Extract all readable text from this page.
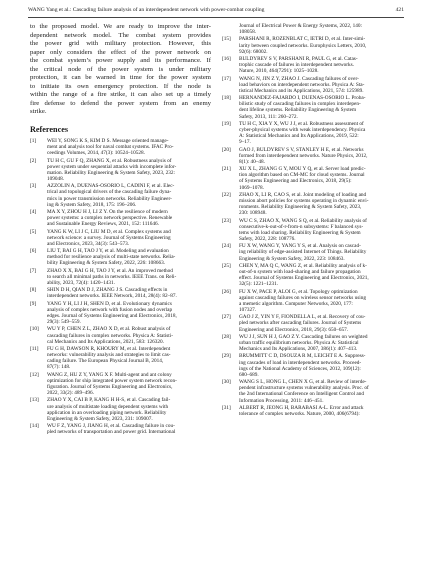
WANG Yang et al.: Cascading failure analysis of an interdependent network with power-combat coupling	421

to the proposed model. We are ready to improve the inter-
dependent network model. The combat system provides
the power grid with military protection. However, this
paper only considers the effect of the power network on
the combat system’s power supply and its performance. If
the critical node of the power system is under military
protection, it can be warned in time for the power system
to initiate its own emergency protection. If the node is
within the range of a fire strike, it can also set up a timely
fire defense to defend the power system from an enemy
strike.

References
[1]	WEI Y, SONG K S, KIM D S. Message oriented manage-
ment and analysis tool for naval combat systems. IFAC Pro-
ceedings Volumes, 2014, 47(3): 10524–10528.
[2]	TU H C, GU F Q, ZHANG X, et al. Robustness analysis of
power system under sequential attacks with incomplete infor-
mation. Reliability Engineering & System Safety, 2023, 232:
109048.
[3]	AZZOLIN A, DUENAS-OSORIO L, CADINI F, et al. Elec-
trical and topological drivers of the cascading failure dyna-
mics in power transmission networks. Reliability Engineer-
ing & System Safety, 2018, 175: 196–206.
[4]	MA X Y, ZHOU H J, LI Z Y. On the resilience of modern
power systems: a complex network perspective. Renewable
and Sustainable Energy Reviews, 2021, 152: 111646.
[5]	YANG K W, LI J C, LIU M D, et al. Complex systems and
network science: a survey. Journal of Systems Engineering
and Electronics, 2023, 34(3): 543–573.
[6]	LIU T, BAI G H, TAO J Y, et al. Modeling and evaluation
method for resilience analysis of multi-state networks. Relia-
bility Engineering & System Safety, 2022, 226: 108663.
[7]	ZHAO X X, BAI G H, TAO J Y, et al. An improved method
to search all minimal paths in networks. IEEE Trans. on Reli-
ability, 2023, 72(4): 1420–1431.
[8]	SHIN D H, QIAN D J, ZHANG J S. Cascading effects in
interdependent networks. IEEE Network, 2014, 28(4): 82–87.
[9]	YANG Y H, LI J H, SHEN D, et al. Evolutionary dynamics
analysis of complex network with fusion nodes and overlap
edges. Journal of Systems Engineering and Electronics, 2018,
29(3): 549–559.
[10]	WU Y P, CHEN Z L, ZHAO X D, et al. Robust analysis of
cascading failures in complex networks. Physica A: Statisti-
cal Mechanics and Its Applications, 2021, 583: 126320.
[11]	FU G H, DAWSON R, KHOURY M, et al. Interdependent
networks: vulnerability analysis and strategies to limit cas-
cading failure. The European Physical Journal B, 2014,
87(7): 148.
[12]	WANG Z, HU Z Y, YANG X F. Multi-agent and ant colony
optimization for ship integrated power system network recon-
figuration. Journal of Systems Engineering and Electronics,
2022, 33(2): 489–496.
[13]	ZHAO Y X, CAI B P, KANG H H-S, et al. Cascading fail-
ure analysis of multistate loading dependent systems with
application in an overloading piping network. Reliability
Engineering & System Safety, 2023, 231: 109007.
[14]	WU F Z, YANG J, JIANG H, et al. Cascading failure in cou-
pled networks of transportation and power grid. International
Journal of Electrical Power & Energy Systems, 2022, 140:
108058.
[15]	PARSHANI R, ROZENBLAT C, IETRI D, et al. Inter-simi-
larity between coupled networks. Europhysics Letters, 2010,
92(6): 68002.
[16]	BULDYREV S V, PARSHANI R, PAUL G, et al. Catas-
trophic cascade of failures in interdependent networks.
Nature, 2010, 464(7291): 1025–1028.
[17]	WANG N, JIN Z Y, ZHAO J. Cascading failures of over-
load behaviors on interdependent networks. Physica A: Sta-
tistical Mechanics and its Applications, 2021, 574: 125989.
[18]	HERNANDEZ-FAJARDO I, DUENAS-OSORIO L. Proba-
bilistic study of cascading failures in complex interdepen-
dent lifeline systems. Reliability Engineering & System
Safety, 2013, 111: 260–272.
[19]	TU H C, XIA Y X, WU J J, et al. Robustness assessment of
cyber-physical systems with weak interdependency. Physica
A: Statistical Mechanics and Its Applications, 2019, 522:
9–17.
[20]	GAO J, BULDYREV S V, STANLEY H E, et al. Networks
formed from interdependent networks. Nature Physics, 2012,
8(1): 40–48.
[21]	XU X L, ZHANG G Y, MOU Y Q, et al. Server load predic-
tion algorithm based on CM-MC for cloud systems. Journal
of Systems Engineering and Electronics, 2018, 29(5):
1069–1078.
[22]	ZHAO X, LI R, CAO S, et al. Joint modeling of loading and
mission abort policies for systems operating in dynamic envi-
ronments. Reliability Engineering & System Safety, 2023,
230: 108948.
[23]	WU C S, ZHAO X, WANG S Q, et al. Reliability analysis of
consecutive-k-out-of-r-from-n subsystems: F balanced sys-
tems with load sharing. Reliability Engineering & System
Safety, 2022, 228: 108776.
[24]	FU X W, WANG Y, YANG Y S, et al. Analysis on cascad-
ing reliability of edge-assisted Internet of Things. Reliability
Engineering & System Safety, 2022, 223: 108463.
[25]	CHEN Y, MA Q C, WANG Z, et al. Reliability analysis of k-
out-of-n system with load-sharing and failure propagation
effect. Journal of Systems Engineering and Electronics, 2021,
32(5): 1221–1231.
[26]	FU X W, PACE P, ALOI G, et al. Topology optimization
against cascading failures on wireless sensor networks using
a memetic algorithm. Computer Networks, 2020, 177:
107327.
[27]	GAO J Z, YIN Y F, FIONDELLA L, et al. Recovery of cou-
pled networks after cascading failures. Journal of Systems
Engineering and Electronics, 2018, 29(3): 650–657.
[28]	WU J J, SUN H J, GAO Z Y. Cascading failures on weighted
urban traffic equilibrium networks. Physica A: Statistical
Mechanics and Its Applications, 2007, 386(1): 407–413.
[29]	BRUMMITT C D, DSOUZA R M, LEICHT E A. Suppress-
ing cascades of load in interdependent networks. Proceed-
ings of the National Academy of Sciences, 2012, 109(12):
680–689.
[30]	WANG S L, HONG L, CHEN X G, et al. Review of interde-
pendent infrastructure systems vulnerability analysis. Proc. of
the 2nd International Conference on Intelligent Control and
Information Processing, 2011: 446–451.
[31]	ALBERT R, JEONG H, BARABASI A-L. Error and attack
tolerance of complex networks. Nature, 2000, 406(6794):
